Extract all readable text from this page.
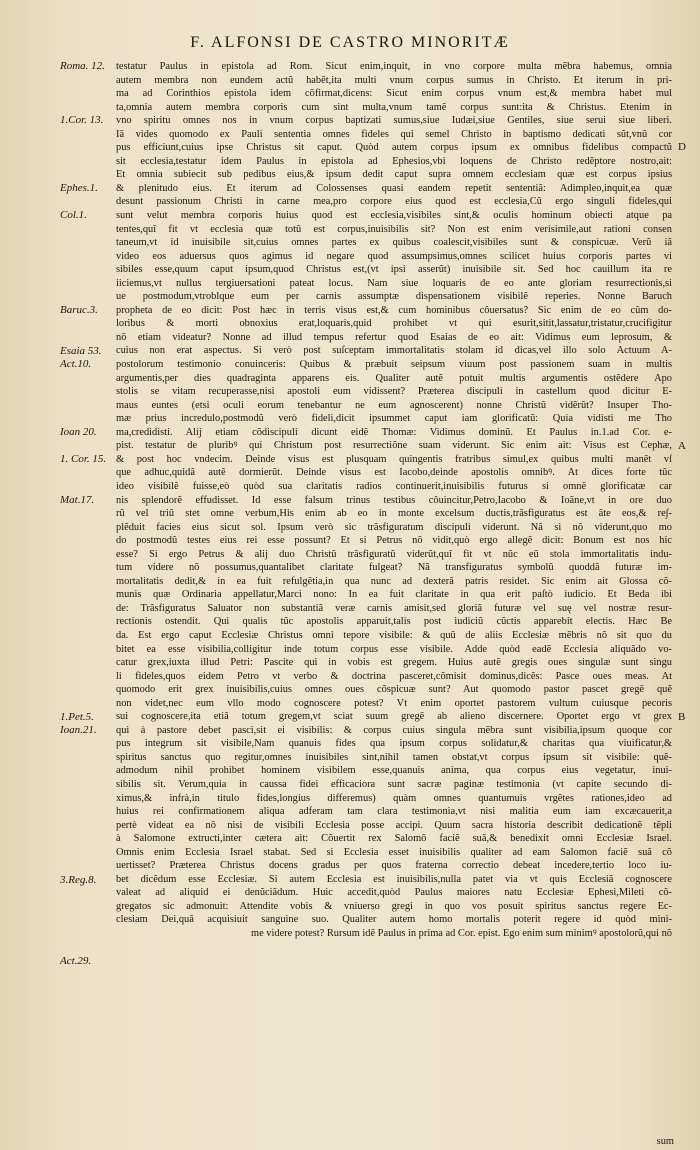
F. ALFONSI DE CASTRO MINORITÆ
Roma. 12.
1.Cor. 13.
Ephes.1.
Col.1.
Baruc.3.
Esaia 53.
Act.10.
Ioan 20.
1. Cor. 15.
Mat.17.
1.Pet.5.
Ioan.21.
3.Reg.8.
Act.29.
testatur Paulus in epistola ad Rom. Sicut enim,inquit, in vno corpore multa mẽbra habemus, omnia
autem membra non eundem actũ habẽt,ita multi vnum corpus sumus in Christo. Et iterum in pri-
ma ad Corinthios epistola idem cõfirmat,dicens: Sicut enim corpus vnum est,& membra habet mul
ta,omnia autem membra corporis cum sint multa,vnum tamẽ corpus sunt:ita & Christus. Etenim in
vno spiritu omnes nos in vnum corpus baptizati sumus,siue Iudæi,siue Gentiles, siue serui siue liberi.
Iã vides quomodo ex Pauli sententia omnes fideles qui semel Christo in baptismo dedicati sũt,vnũ cor
pus efficiunt,cuius ipse Christus sit caput. Quòd autem corpus ipsum ex omnibus fidelibus compactũ
sit ecclesia,testatur idem Paulus in epistola ad Ephesios,vbi loquens de Christo redẽptore nostro,ait:
Et omnia subiecit sub pedibus eius,& ipsum dedit caput supra omnem ecclesiam quæ est corpus ipsius
& plenitudo eius. Et iterum ad Colossenses quasi eandem repetit sententiã: Adimpleo,inquit,ea quæ
desunt passionum Christi in carne mea,pro corpore eius quod est ecclesia,Cũ ergo singuli fideles,qui
sunt velut membra corporis huius quod est ecclesia,visibiles sint,& oculis hominum obiecti atque pa
tentes,quî fit vt ecclesia quæ totũ est corpus,inuisibilis sit? Non est enim verisimile,aut rationi consen
taneum,vt id inuisibile sit,cuius omnes partes ex quibus coalescit,visibiles sunt & conspicuæ. Verũ iã
video eos aduersus quos agimus id negare quod assumpsimus,omnes scilicet huius corporis partes vi
sibiles esse,quum caput ipsum,quod Christus est,(vt ipsi asserũt) inuisibile sit. Sed hoc cauillum ita re
iiciemus,vt nullus tergiuersationi pateat locus. Nam siue loquaris de eo ante gloriam resurrectionis,si
ue postmodum,vtroblque eum per carnis assumptæ dispensationem visibilẽ reperies. Nonne Baruch
propheta de eo dicit: Post hæc in terris visus est,& cum hominibus côuersatus? Sic enim de eo cũm do-
loribus & morti obnoxius erat,loquaris,quid prohibet vt qui esurit,sitit,lassatur,tristatur,crucifigitur
nõ etiam videatur? Nonne ad illud tempus refertur quod Esaias de eo ait: Vidimus eum leprosum, &
cuius non erat aspectus. Si verò post suſceptam immortalitatis stolam id dicas,vel illo solo Actuum A-
postolorum testimonio conuinceris: Quibus & præbuit seipsum viuum post passionem suam in multis
argumentis,per dies quadraginta apparens eis. Qualiter autẽ potuit multis argumentis ostẽdere Apo
stolis se vitam recuperasse,nisi apostoli eum vidissent? Præterea discipuli in castellum quod dicitur E-
maus euntes (etsi oculi eorum tenebantur ne eum agnoscerent) nonne Christũ vidẽrũt? Insuper Tho-
mæ prius incredulo,postmodũ verò fideli,dicit ipsummet caput iam glorificatũ: Quia vidisti me Tho
ma,credidisti. Alij etiam cõdiscipuli dicunt eidẽ Thomæ: Vidimus dominũ. Et Paulus in.1.ad Cor. e-
pist. testatur de pluribꝰ qui Christum post resurrectiõne suam viderunt. Sic enim ait: Visus est Cephæ,
& post hoc vndecim. Deinde visus est plusquam quingentis fratribus simul,ex quibus multi manẽt vſ
que adhuc,quidã autẽ dormierũt. Deinde visus est Iacobo,deinde apostolis omnibꝰ. At dices forte tũc
ideo visibilẽ fuisse,eò quòd sua claritatis radios continuerit,inuisibilis futurus si omnẽ glorificatæ car
nis splendorẽ effudisset. Id esse falsum trinus testibus côuincitur,Petro,Iacobo & Ioãne,vt in ore duo
rũ vel triũ stet omne verbum,His enim ab eo in monte excelsum ductis,trãsfiguratus est ãte eos,& re∫-
plẽduit facies eius sicut sol. Ipsum verò sic trãsfiguratum discipuli viderunt. Nã si nõ viderunt,quo mo
do postmodũ testes eius rei esse possunt? Et si Petrus nõ vidit,quò ergo allegẽ dicit: Bonum est nos hic
esse? Si ergo Petrus & alij duo Christũ trãsfiguratũ viderũt,quî fit vt nũc eũ stola immortalitatis indu-
tum videre nõ possumus,quantalibet claritate fulgeat? Nã transfiguratus symbolũ quoddã futuræ im-
mortalitatis dedit,& in ea fuit refulgẽtia,in qua nunc ad dexterã patris residet. Sic enim ait Glossa cõ-
munis quæ Ordinaria appellatur,Marci nono: In ea fuit claritate in qua erit paſtò iudicio. Et Beda ibi
de: Trãsfiguratus Saluator non substantiã veræ carnis amisit,sed gloriã futuræ vel suę vel nostræ resur-
rectionis ostendit. Qui qualis tũc apostolis apparuit,talis post iudiciũ cũctis apparebit electis. Hæc Be
da. Est ergo caput Ecclesiæ Christus omni tepore visibile: & quũ de aliis Ecclesiæ mẽbris nõ sit quo du
bitet ea esse visibilia,colligitur inde totum corpus esse visibile. Adde quòd eadẽ Ecclesia aliquãdo vo-
catur grex,iuxta illud Petri: Pascite qui in vobis est gregem. Huius autẽ gregis oues singulæ sunt singu
li fideles,quos eidem Petro vt verbo & doctrina pasceret,cõmisit dominus,dicẽs: Pasce oues meas. At
quomodo erit grex inuisibilis,cuius omnes oues cõspicuæ sunt? Aut quomodo pastor pascet gregẽ quẽ
non videt,nec eum vllo modo cognoscere potest? Vt enim oportet pastorem vultum cuiusque pecoris
sui cognoscere,ita etiã totum gregem,vt sciat suum gregẽ ab alieno discernere. Oportet ergo vt grex
qui à pastore debet pasci,sit ei visibilis: & corpus cuius singula mẽbra sunt visibilia,ipsum quoque cor
pus integrum sit visibile,Nam quanuis fides qua ipsum corpus solidatur,& charitas qua viuificatur,&
spiritus sanctus quo regitur,omnes inuisibiles sint,nihil tamen obstat,vt corpus ipsum sit visibile: quẽ-
admodum nihil prohibet hominem visibilem esse,quanuis anima, qua corpus eius vegetatur, inui-
sibilis sit. Verum,quia in caussa fidei efficaciora sunt sacræ paginæ testimonia (vt capite secundo di-
ximus,& infrà,in titulo fides,longius differemus) quàm omnes quantumuis vrgẽtes rationes,ideo ad
huius rei confirmationem aliqua adferam tam clara testimonia,vt nisi malitia eum iam excæcauerit,a
pertè videat ea nõ nisi de visibili Ecclesia posse accipi. Quum sacra historia describit dedicationẽ tẽpli
à Salomone extructi,inter cætera ait: Cõuertit rex Salomõ faciẽ suã,& benedixit omni Ecclesiæ Israel.
Omnis enim Ecclesia Israel stabat. Sed si Ecclesia esset inuisibilis qualiter ad eam Salomon faciẽ suã cõ
uertisset? Præterea Christus docens gradus per quos fraterna correctio debeat incedere,tertio loco iu-
bet dicẽdum esse Ecclesiæ. Si autem Ecclesia est inuisibilis,nulla patet via vt quis Ecclesiã cognoscere
valeat ad aliquid ei denũciãdum. Huic accedit,quòd Paulus maiores natu Ecclesiæ Ephesi,Mileti cõ-
gregatos sic admonuit: Attendite vobis & vniuerso gregi in quo vos posuit spiritus sanctus regere Ec-
clesiam Dei,quã acquisiuit sanguine suo. Qualiter autem homo mortalis poterit regere id quòd mini-
me videre potest? Rursum idẽ Paulus in prima ad Cor. epist. Ego enim sum minimꝰ apostolorũ,qui nõ
sum
D
A
B
